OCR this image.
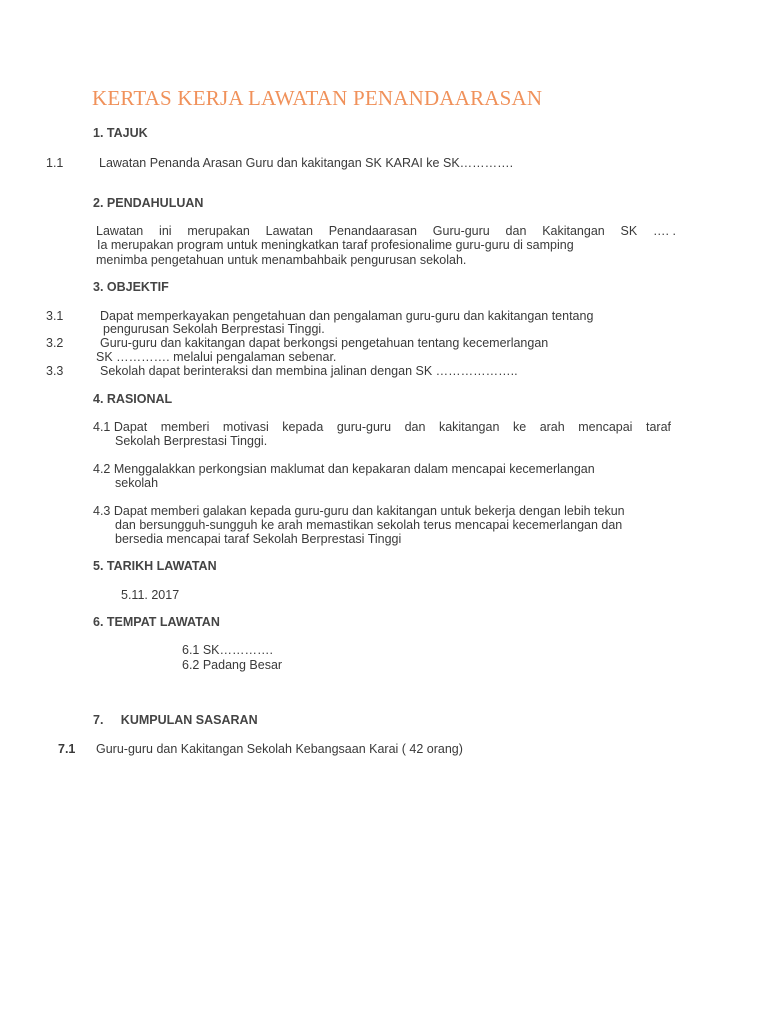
KERTAS KERJA LAWATAN PENANDAARASAN
1. TAJUK
1.1	Lawatan Penanda Arasan Guru dan kakitangan SK KARAI ke SK………….
2. PENDAHULUAN
Lawatan ini merupakan Lawatan Penandaarasan Guru-guru dan Kakitangan SK …. .
Ia merupakan program untuk meningkatkan taraf profesionalime guru-guru di samping
menimba pengetahuan untuk menambahbaik pengurusan sekolah.
3. OBJEKTIF
3.1	Dapat memperkayakan pengetahuan dan pengalaman guru-guru dan kakitangan tentang
pengurusan Sekolah Berprestasi Tinggi.
3.2	Guru-guru dan kakitangan dapat berkongsi pengetahuan tentang kecemerlangan
SK …………. melalui pengalaman sebenar.
3.3	Sekolah dapat berinteraksi dan membina jalinan dengan SK ………………..
4. RASIONAL
4.1 Dapat memberi motivasi kepada guru-guru dan kakitangan ke arah mencapai taraf
Sekolah Berprestasi Tinggi.
4.2 Menggalakkan perkongsian maklumat dan kepakaran dalam mencapai kecemerlangan
sekolah
4.3 Dapat memberi galakan kepada guru-guru dan kakitangan untuk bekerja dengan lebih tekun
dan bersungguh-sungguh ke arah memastikan sekolah terus mencapai kecemerlangan dan
bersedia mencapai taraf Sekolah Berprestasi Tinggi
5. TARIKH LAWATAN
5.11. 2017
6. TEMPAT LAWATAN
6.1 SK………….
6.2 Padang Besar
7.     KUMPULAN SASARAN
7.1 Guru-guru dan Kakitangan Sekolah Kebangsaan Karai ( 42 orang)
